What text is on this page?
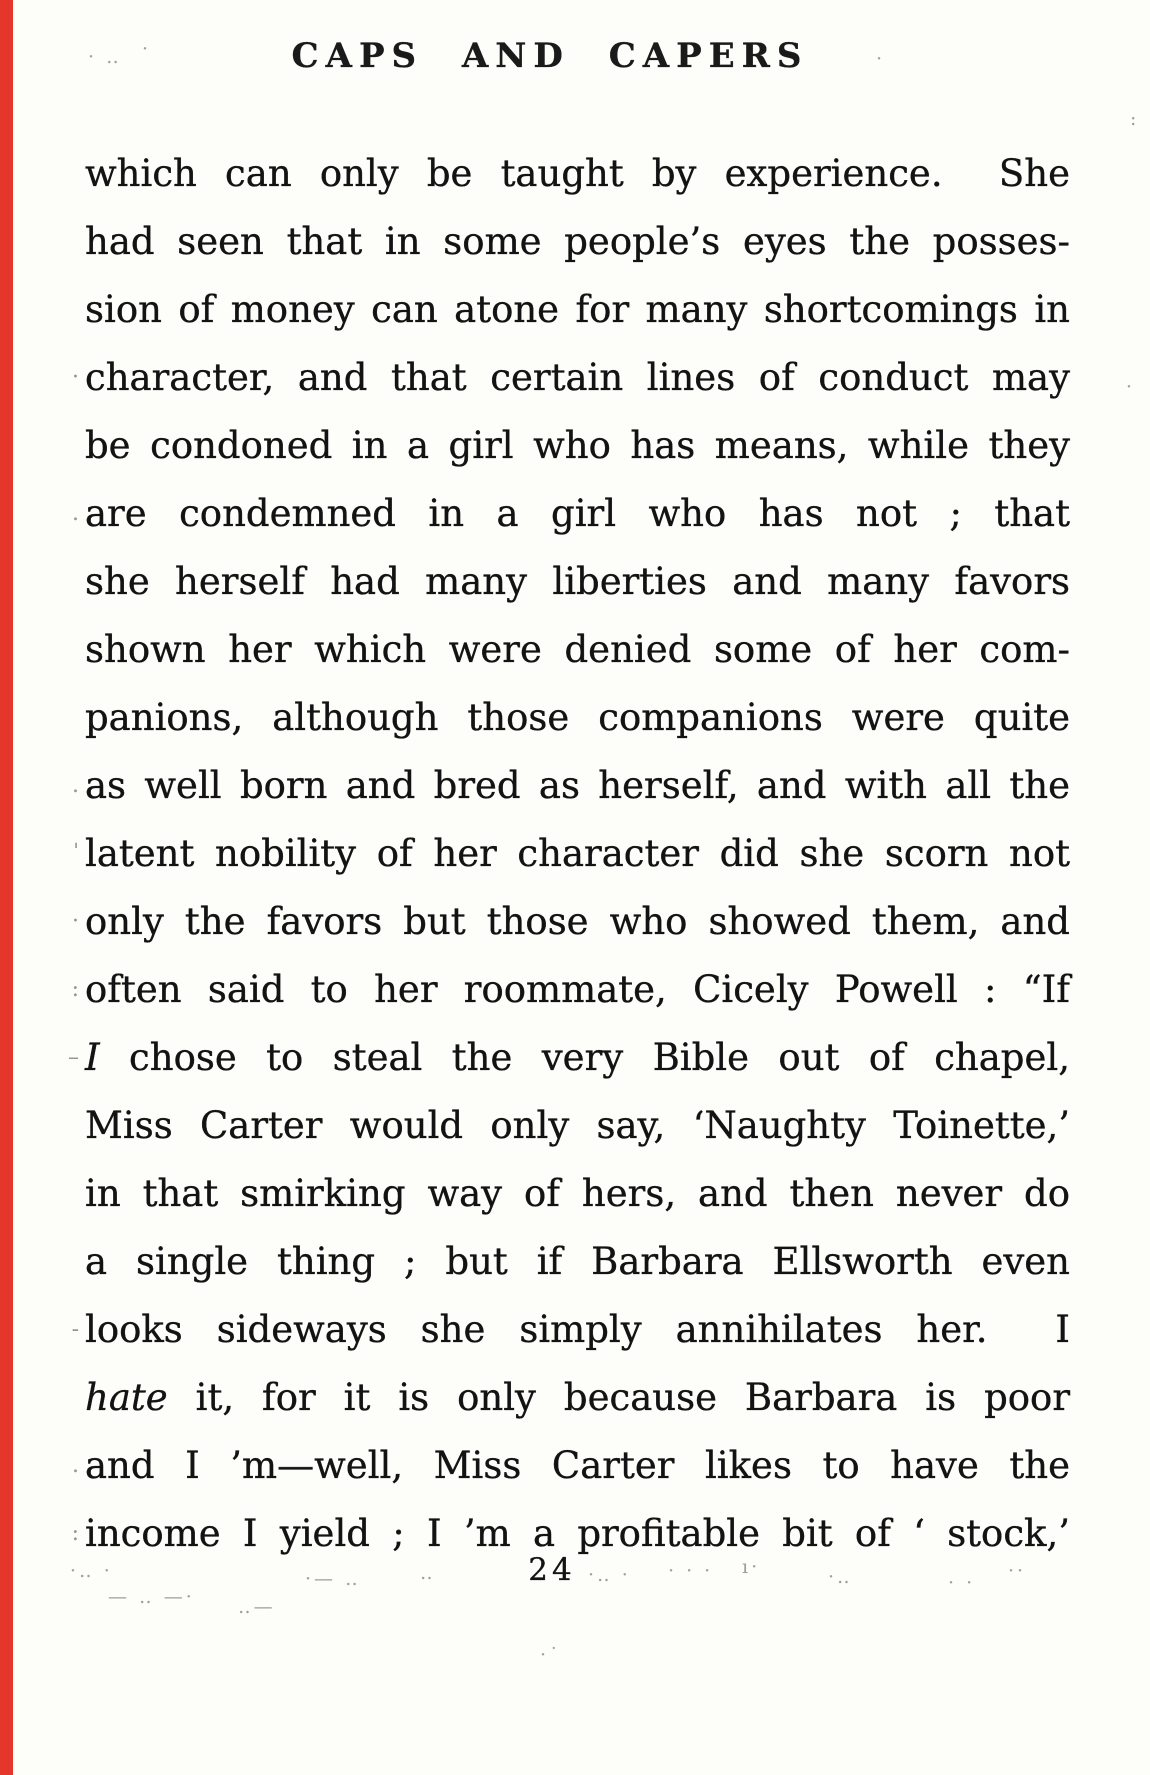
CAPS AND CAPERS
which can only be taught by experience.  She
had seen that in some people’s eyes the posses-
sion of money can atone for many shortcomings in
· character, and that certain lines of conduct may
be condoned in a girl who has means, while they
. are condemned in a girl who has not ; that
she herself had many liberties and many favors
shown her which were denied some of her com-
panions, although those companions were quite
. as well born and bred as herself, and with all the
ˈ latent nobility of her character did she scorn not
· only the favors but those who showed them, and
: often said to her roommate, Cicely Powell : “If
– I chose to steal the very Bible out of chapel,
Miss Carter would only say, ‘Naughty Toinette,’
in that smirking way of hers, and then never do
a single thing ; but if Barbara Ellsworth even
- looks sideways she simply annihilates her.  I
hate it, for it is only because Barbara is poor
. and I ’m—well, Miss Carter likes to have the
: income I yield ; I ’m a profitable bit of ‘ stock,’
24
· ‥ ·	·
:
·
·‥ ·
— ‥ —· ‥—
·— ‥	‥	·‥ · · · · ı·	·‥	· ·
··
·˙
